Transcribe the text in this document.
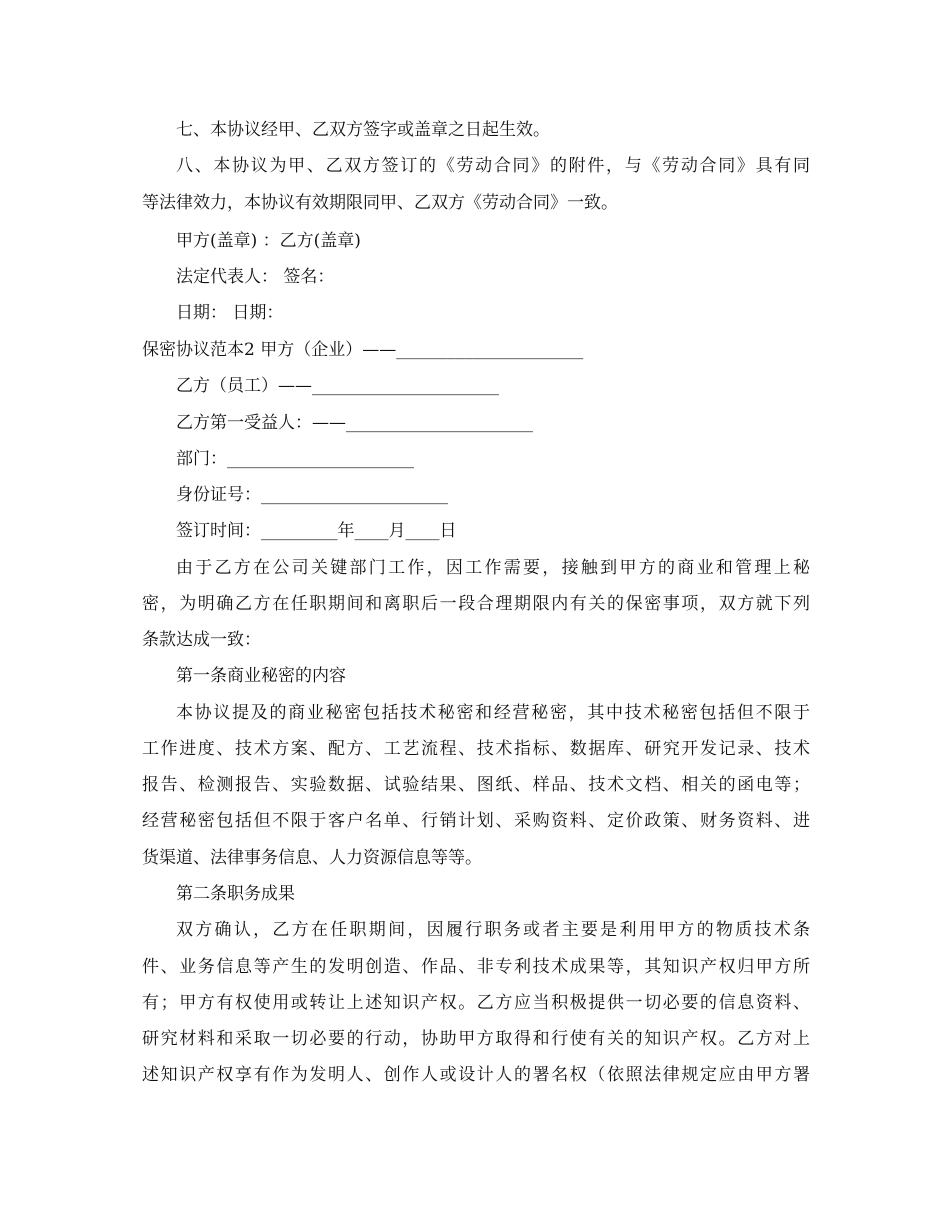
七、本协议经甲、乙双方签字或盖章之日起生效。
八、本协议为甲、乙双方签订的《劳动合同》的附件，与《劳动合同》具有同
等法律效力，本协议有效期限同甲、乙双方《劳动合同》一致。
甲方(盖章) ：乙方(盖章)
法定代表人： 签名：
日期： 日期：
保密协议范本2 甲方（企业）——______________________
乙方（员工）——______________________
乙方第一受益人：——______________________
部门：______________________
身份证号：______________________
签订时间：_________年____月____日
由于乙方在公司关键部门工作，因工作需要，接触到甲方的商业和管理上秘
密，为明确乙方在任职期间和离职后一段合理期限内有关的保密事项，双方就下列
条款达成一致：
第一条商业秘密的内容
本协议提及的商业秘密包括技术秘密和经营秘密，其中技术秘密包括但不限于
工作进度、技术方案、配方、工艺流程、技术指标、数据库、研究开发记录、技术
报告、检测报告、实验数据、试验结果、图纸、样品、技术文档、相关的函电等；
经营秘密包括但不限于客户名单、行销计划、采购资料、定价政策、财务资料、进
货渠道、法律事务信息、人力资源信息等等。
第二条职务成果
双方确认，乙方在任职期间，因履行职务或者主要是利用甲方的物质技术条
件、业务信息等产生的发明创造、作品、非专利技术成果等，其知识产权归甲方所
有；甲方有权使用或转让上述知识产权。乙方应当积极提供一切必要的信息资料、
研究材料和采取一切必要的行动，协助甲方取得和行使有关的知识产权。乙方对上
述知识产权享有作为发明人、创作人或设计人的署名权（依照法律规定应由甲方署
